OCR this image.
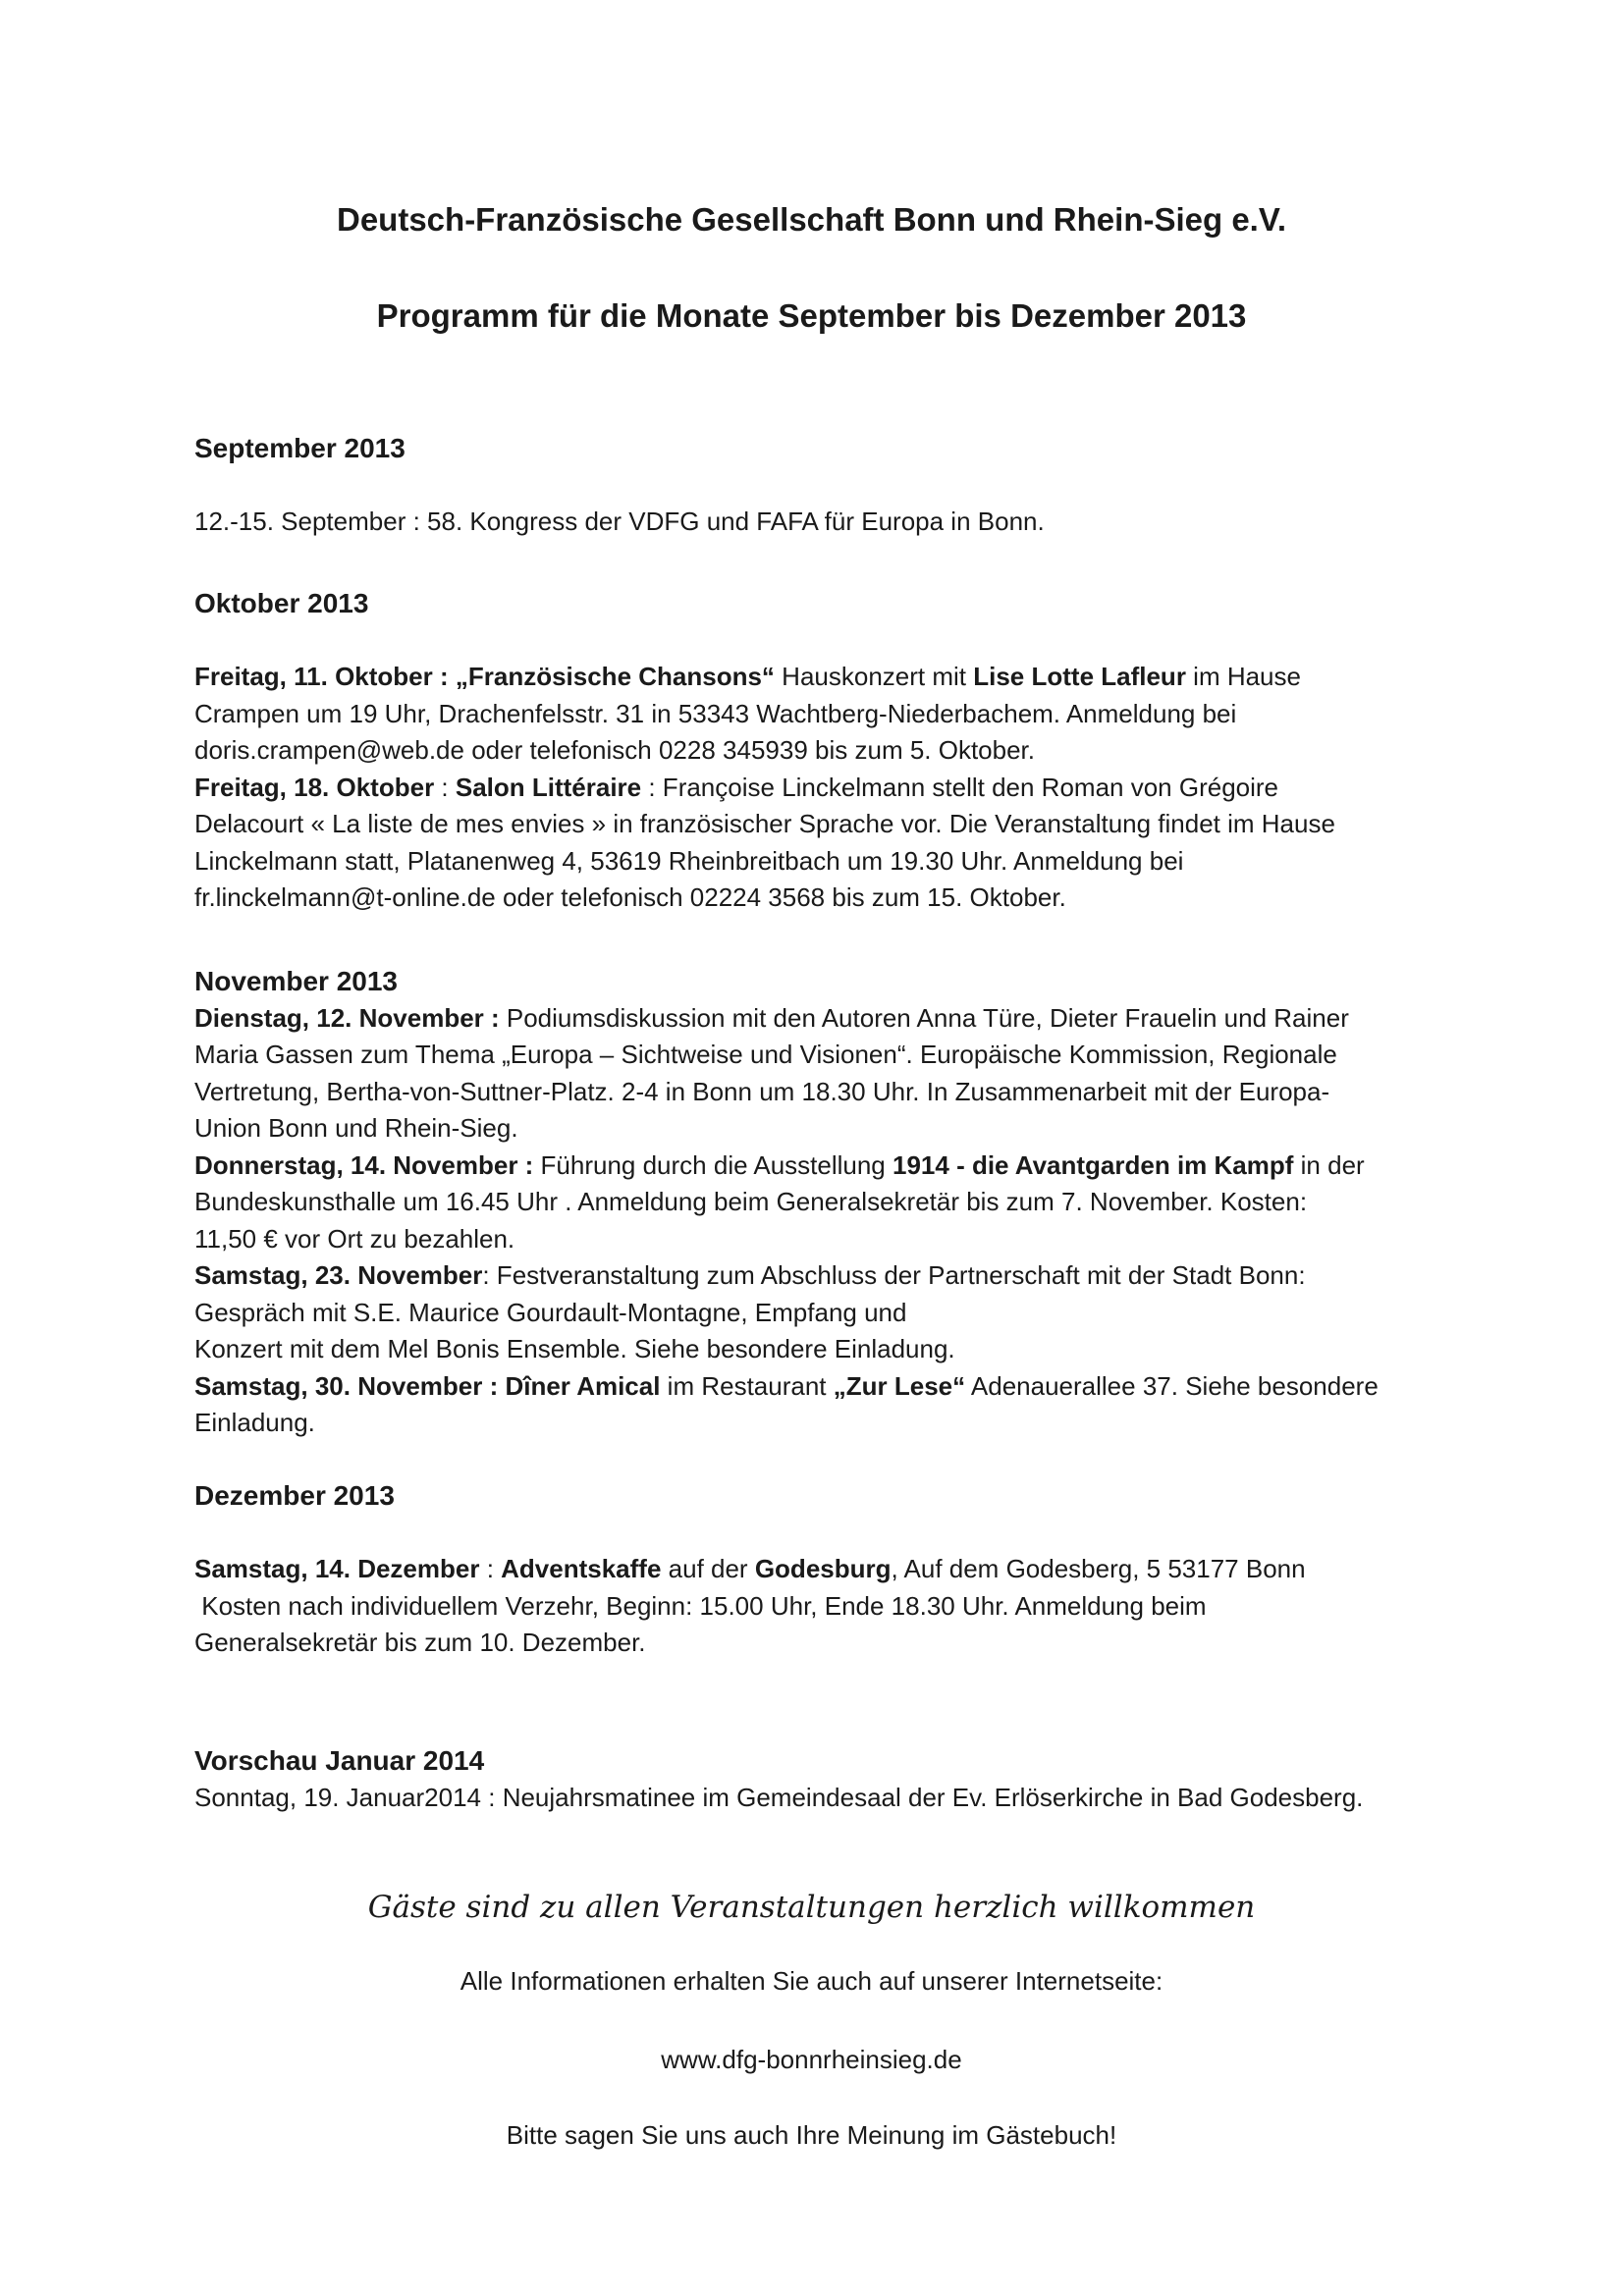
Deutsch-Französische Gesellschaft Bonn und Rhein-Sieg e.V.
Programm für die Monate September bis Dezember 2013

September 2013

12.-15. September : 58. Kongress der VDFG und FAFA für Europa in Bonn.

Oktober 2013

Freitag, 11. Oktober : „Französische Chansons“ Hauskonzert mit Lise Lotte Lafleur im Hause

Crampen um 19 Uhr, Drachenfelsstr. 31 in 53343 Wachtberg-Niederbachem. Anmeldung bei

doris.crampen@web.de oder telefonisch 0228 345939 bis zum 5. Oktober.

Freitag, 18. Oktober : Salon Littéraire : Françoise Linckelmann stellt den Roman von Grégoire

Delacourt « La liste de mes envies » in französischer Sprache vor. Die Veranstaltung findet im Hause

Linckelmann statt, Platanenweg 4, 53619 Rheinbreitbach um 19.30 Uhr. Anmeldung bei

fr.linckelmann@t-online.de oder telefonisch 02224 3568 bis zum 15. Oktober.

November 2013

Dienstag, 12. November : Podiumsdiskussion mit den Autoren Anna Türe, Dieter Frauelin und Rainer

Maria Gassen zum Thema „Europa – Sichtweise und Visionen“. Europäische Kommission, Regionale

Vertretung, Bertha-von-Suttner-Platz. 2-4 in Bonn um 18.30 Uhr. In Zusammenarbeit mit der Europa-

Union Bonn und Rhein-Sieg.

Donnerstag, 14. November : Führung durch die Ausstellung 1914 - die Avantgarden im Kampf in der

Bundeskunsthalle um 16.45 Uhr . Anmeldung beim Generalsekretär bis zum 7. November. Kosten:

11,50 € vor Ort zu bezahlen.

Samstag, 23. November: Festveranstaltung zum Abschluss der Partnerschaft mit der Stadt Bonn:

Gespräch mit S.E. Maurice Gourdault-Montagne, Empfang und

Konzert mit dem Mel Bonis Ensemble. Siehe besondere Einladung.

Samstag, 30. November : Dîner Amical im Restaurant „Zur Lese“ Adenauerallee 37. Siehe besondere

Einladung.

Dezember 2013

Samstag, 14. Dezember : Adventskaffe auf der Godesburg, Auf dem Godesberg, 5 53177 Bonn

Kosten nach individuellem Verzehr, Beginn: 15.00 Uhr, Ende 18.30 Uhr. Anmeldung beim

Generalsekretär bis zum 10. Dezember.

Vorschau Januar 2014

Sonntag, 19. Januar2014 : Neujahrsmatinee im Gemeindesaal der Ev. Erlöserkirche in Bad Godesberg.

Gäste sind zu allen Veranstaltungen herzlich willkommen
Alle Informationen erhalten Sie auch auf unserer Internetseite:
www.dfg-bonnrheinsieg.de
Bitte sagen Sie uns auch Ihre Meinung im Gästebuch!
